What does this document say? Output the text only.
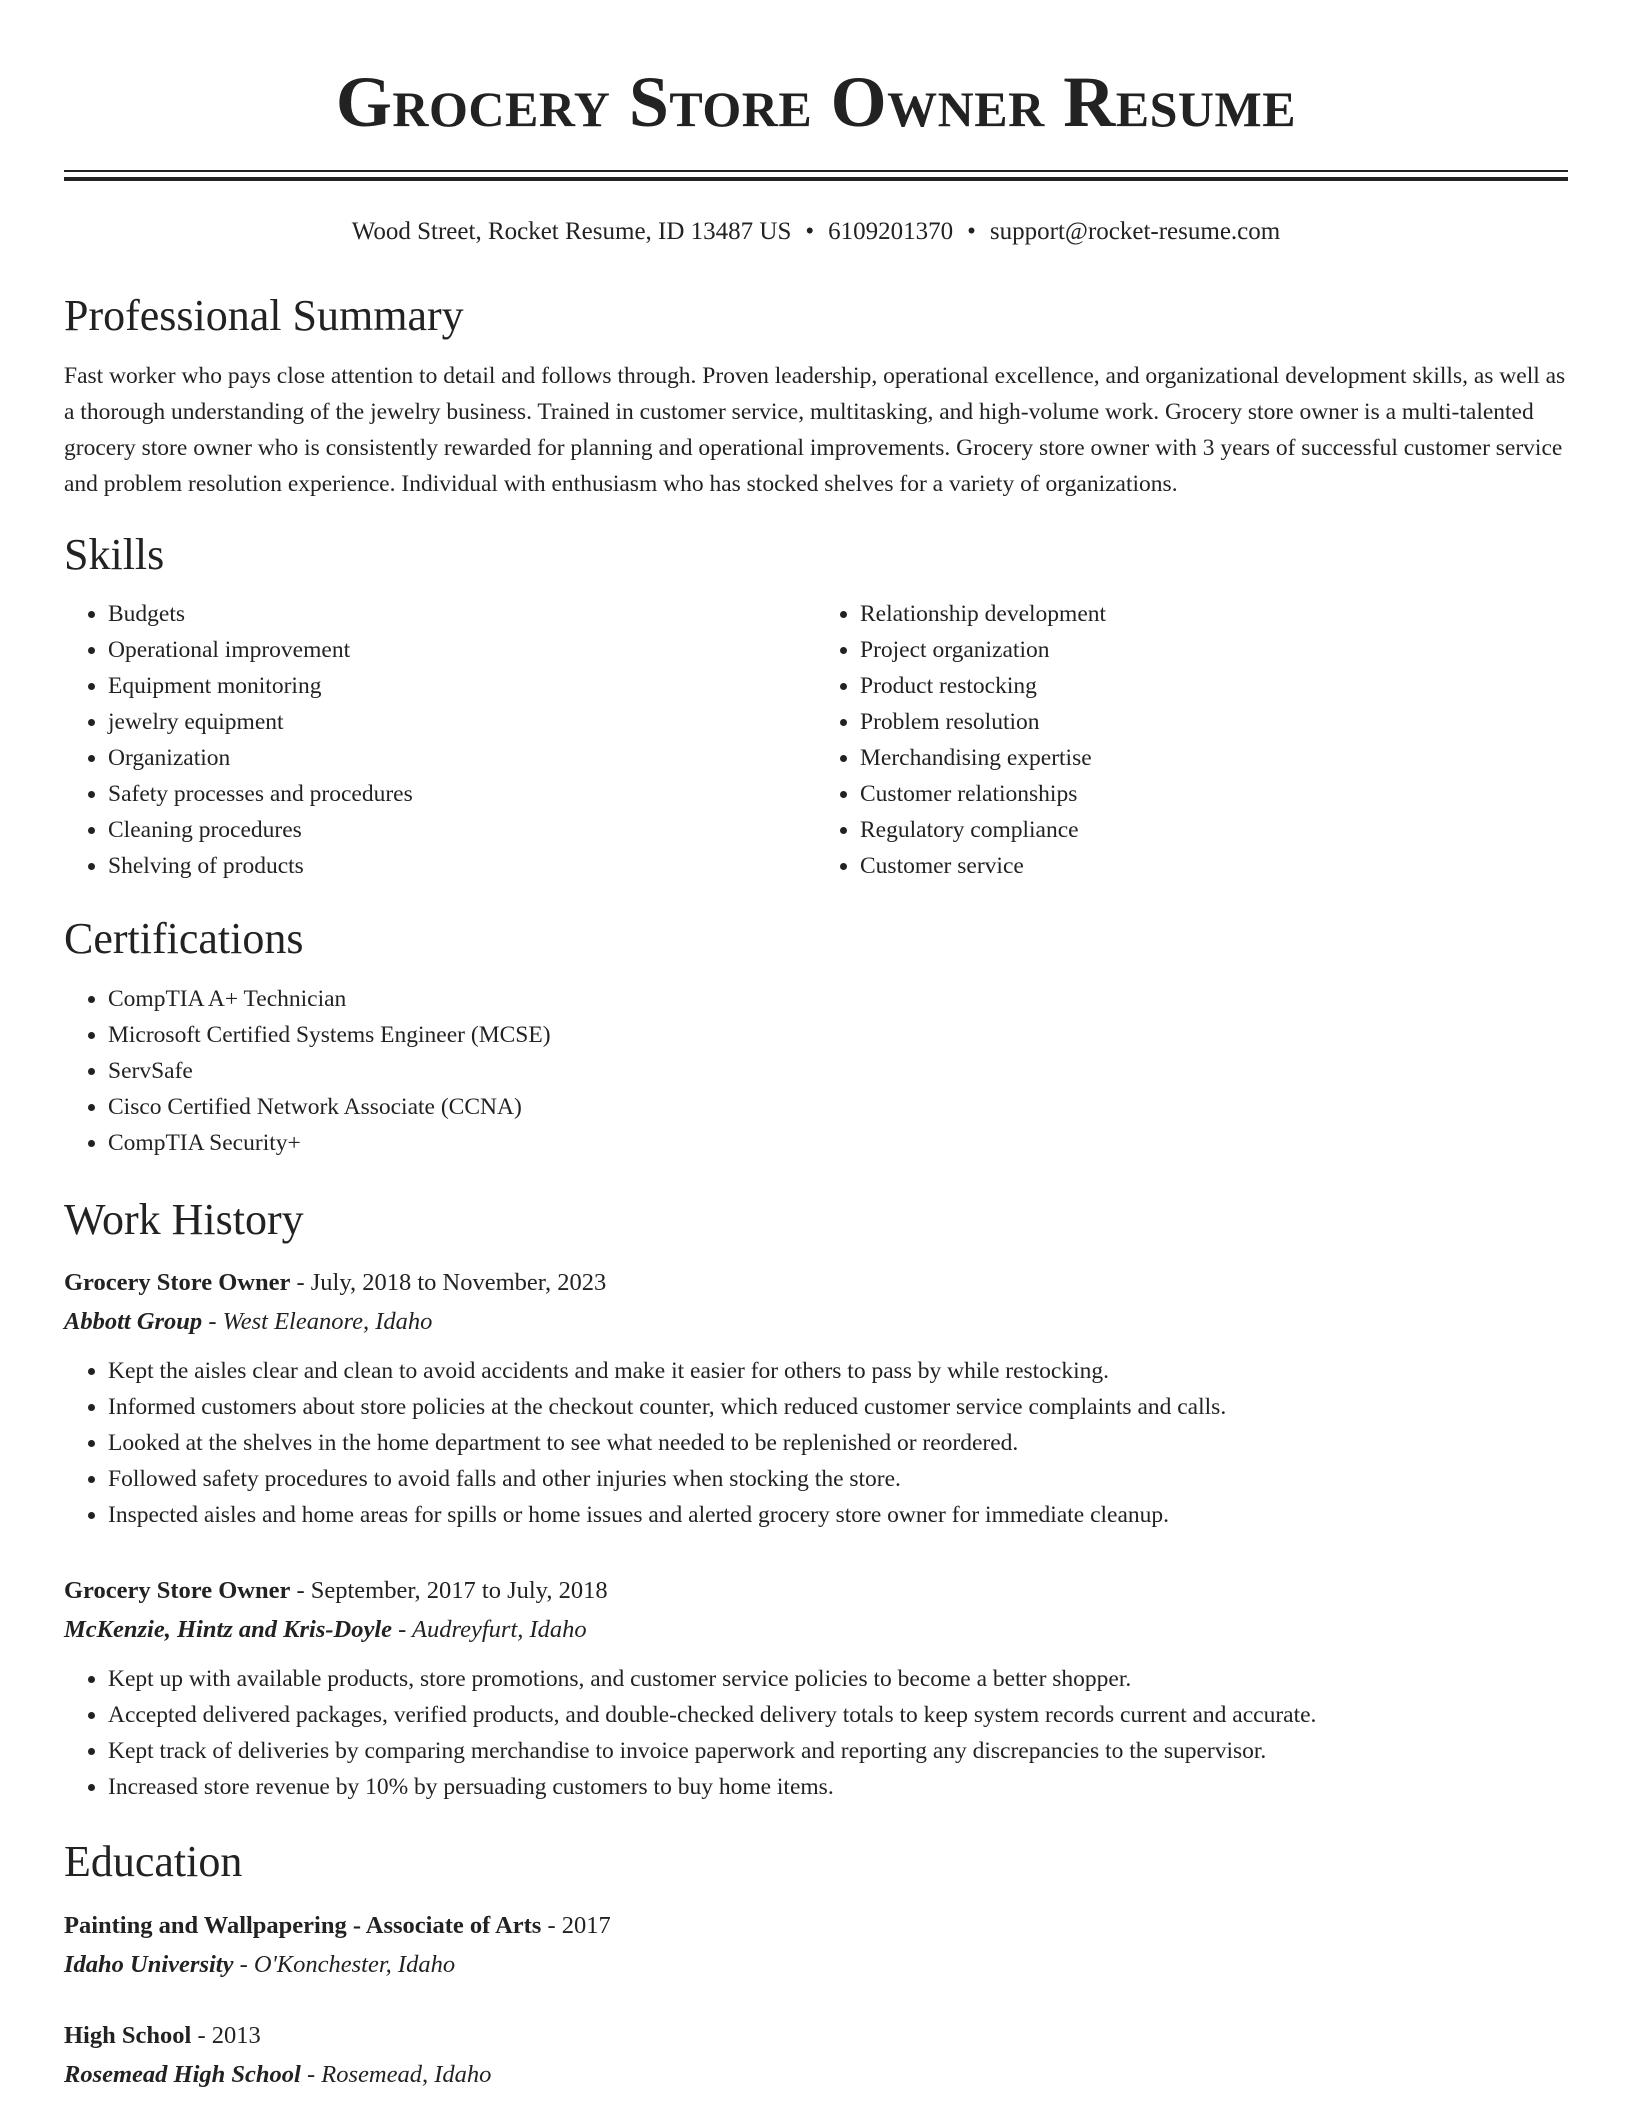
Grocery Store Owner Resume
Wood Street, Rocket Resume, ID 13487 US • 6109201370 • support@rocket-resume.com
Professional Summary
Fast worker who pays close attention to detail and follows through. Proven leadership, operational excellence, and organizational development skills, as well as a thorough understanding of the jewelry business. Trained in customer service, multitasking, and high-volume work. Grocery store owner is a multi-talented grocery store owner who is consistently rewarded for planning and operational improvements. Grocery store owner with 3 years of successful customer service and problem resolution experience. Individual with enthusiasm who has stocked shelves for a variety of organizations.
Skills
• Budgets
• Operational improvement
• Equipment monitoring
• jewelry equipment
• Organization
• Safety processes and procedures
• Cleaning procedures
• Shelving of products
• Relationship development
• Project organization
• Product restocking
• Problem resolution
• Merchandising expertise
• Customer relationships
• Regulatory compliance
• Customer service
Certifications
• CompTIA A+ Technician
• Microsoft Certified Systems Engineer (MCSE)
• ServSafe
• Cisco Certified Network Associate (CCNA)
• CompTIA Security+
Work History
Grocery Store Owner - July, 2018 to November, 2023
Abbott Group - West Eleanore, Idaho
• Kept the aisles clear and clean to avoid accidents and make it easier for others to pass by while restocking.
• Informed customers about store policies at the checkout counter, which reduced customer service complaints and calls.
• Looked at the shelves in the home department to see what needed to be replenished or reordered.
• Followed safety procedures to avoid falls and other injuries when stocking the store.
• Inspected aisles and home areas for spills or home issues and alerted grocery store owner for immediate cleanup.
Grocery Store Owner - September, 2017 to July, 2018
McKenzie, Hintz and Kris-Doyle - Audreyfurt, Idaho
• Kept up with available products, store promotions, and customer service policies to become a better shopper.
• Accepted delivered packages, verified products, and double-checked delivery totals to keep system records current and accurate.
• Kept track of deliveries by comparing merchandise to invoice paperwork and reporting any discrepancies to the supervisor.
• Increased store revenue by 10% by persuading customers to buy home items.
Education
Painting and Wallpapering - Associate of Arts - 2017
Idaho University - O'Konchester, Idaho
High School - 2013
Rosemead High School - Rosemead, Idaho
